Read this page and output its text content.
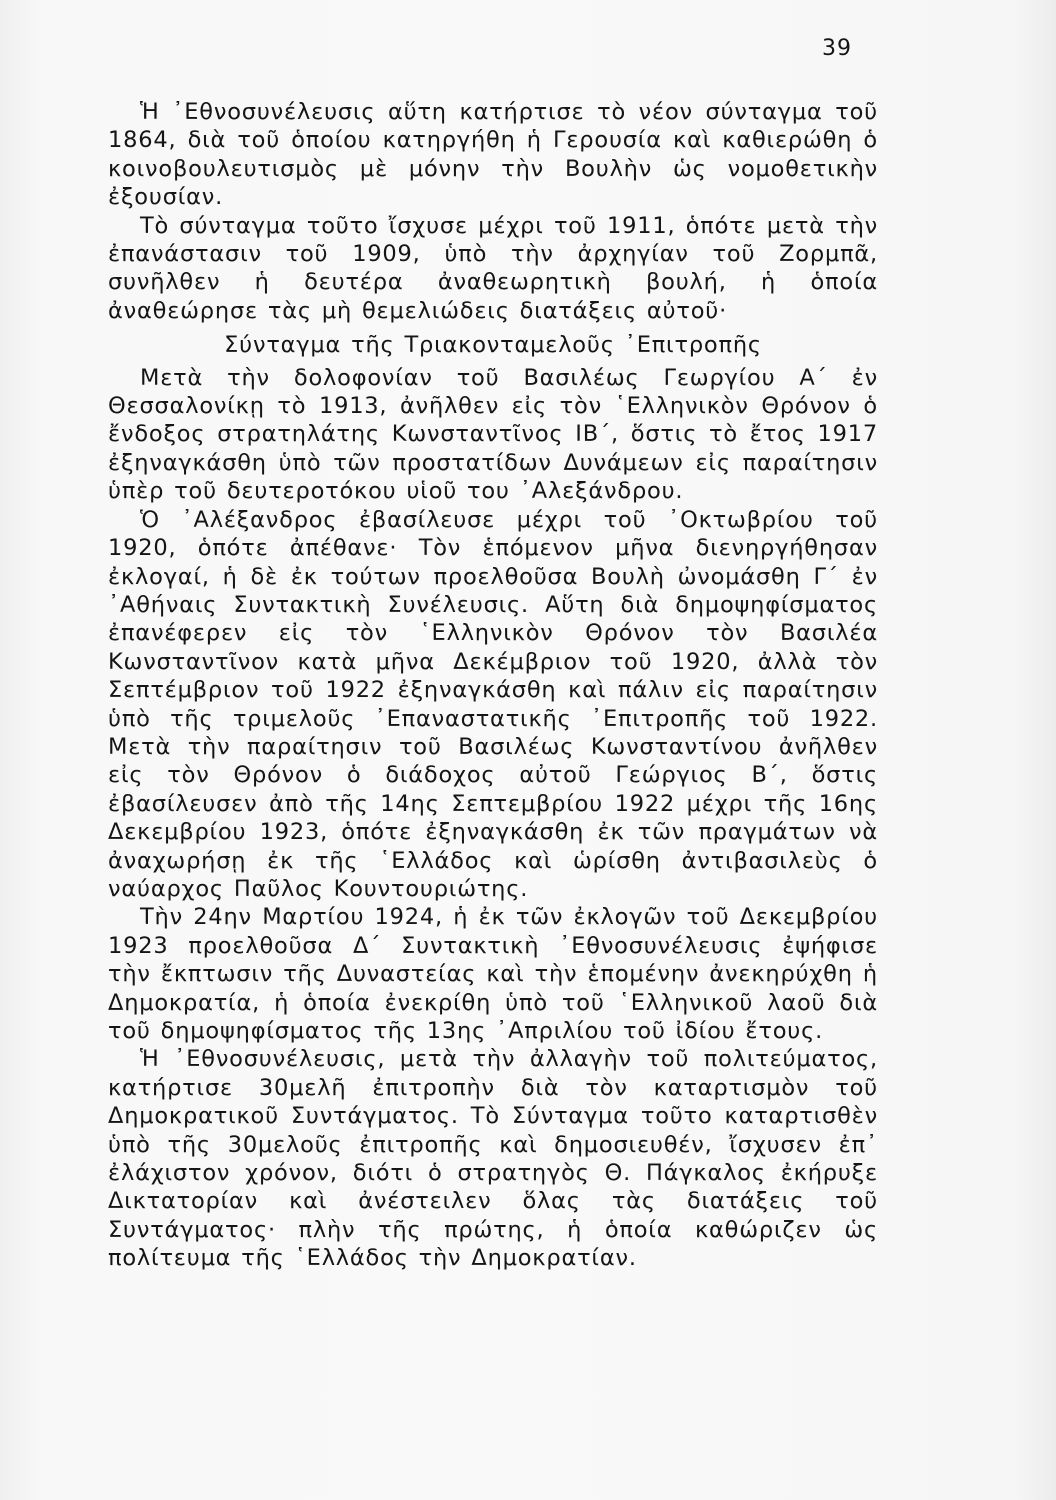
39

Ἡ ᾿Εθνοσυνέλευσις αὕτη κατήρτισε τὸ νέον σύνταγμα τοῦ 1864, διὰ τοῦ ὁποίου κατηργήθη ἡ Γερουσία καὶ καθιερώθη ὁ κοινοβουλευτισμὸς μὲ μόνην τὴν Βουλὴν ὡς νομοθετικὴν ἐξουσίαν.

Τὸ σύνταγμα τοῦτο ἴσχυσε μέχρι τοῦ 1911, ὁπότε μετὰ τὴν ἐπανάστασιν τοῦ 1909, ὑπὸ τὴν ἀρχηγίαν τοῦ Ζορμπᾶ, συνῆλθεν ἡ δευτέρα ἀναθεωρητικὴ βουλή, ἡ ὁποία ἀναθεώρησε τὰς μὴ θεμελιώδεις διατάξεις αὐτοῦ·

Σύνταγμα τῆς Τριακονταμελοῦς ᾿Επιτροπῆς

Μετὰ τὴν δολοφονίαν τοῦ Βασιλέως Γεωργίου Α΄ ἐν Θεσσαλονίκῃ τὸ 1913, ἀνῆλθεν εἰς τὸν ῾Ελληνικὸν Θρόνον ὁ ἔνδοξος στρατηλάτης Κωνσταντῖνος ΙΒ΄, ὅστις τὸ ἔτος 1917 ἐξηναγκάσθη ὑπὸ τῶν προστατίδων Δυνάμεων εἰς παραίτησιν ὑπὲρ τοῦ δευτεροτόκου υἱοῦ του ᾿Αλεξάνδρου.

Ὁ ᾿Αλέξανδρος ἐβασίλευσε μέχρι τοῦ ᾿Οκτωβρίου τοῦ 1920, ὁπότε ἀπέθανε· Τὸν ἑπόμενον μῆνα διενηργήθησαν ἐκλογαί, ἡ δὲ ἐκ τούτων προελθοῦσα Βουλὴ ὠνομάσθη Γ΄ ἐν ᾿Αθήναις Συντακτικὴ Συνέλευσις. Αὕτη διὰ δημοψηφίσματος ἐπανέφερεν εἰς τὸν ῾Ελληνικὸν Θρόνον τὸν Βασιλέα Κωνσταντῖνον κατὰ μῆνα Δεκέμβριον τοῦ 1920, ἀλλὰ τὸν Σεπτέμβριον τοῦ 1922 ἐξηναγκάσθη καὶ πάλιν εἰς παραίτησιν ὑπὸ τῆς τριμελοῦς ᾿Επαναστατικῆς ᾿Επιτροπῆς τοῦ 1922. Μετὰ τὴν παραίτησιν τοῦ Βασιλέως Κωνσταντίνου ἀνῆλθεν εἰς τὸν Θρόνον ὁ διάδοχος αὐτοῦ Γεώργιος Β΄, ὅστις ἐβασίλευσεν ἀπὸ τῆς 14ης Σεπτεμβρίου 1922 μέχρι τῆς 16ης Δεκεμβρίου 1923, ὁπότε ἐξηναγκάσθη ἐκ τῶν πραγμάτων νὰ ἀναχωρήσῃ ἐκ τῆς ῾Ελλάδος καὶ ὡρίσθη ἀντιβασιλεὺς ὁ ναύαρχος Παῦλος Κουντουριώτης.

Τὴν 24ην Μαρτίου 1924, ἡ ἐκ τῶν ἐκλογῶν τοῦ Δεκεμβρίου 1923 προελθοῦσα Δ΄ Συντακτικὴ ᾿Εθνοσυνέλευσις ἐψήφισε τὴν ἔκπτωσιν τῆς Δυναστείας καὶ τὴν ἑπομένην ἀνεκηρύχθη ἡ Δημοκρατία, ἡ ὁποία ἐνεκρίθη ὑπὸ τοῦ ῾Ελληνικοῦ λαοῦ διὰ τοῦ δημοψηφίσματος τῆς 13ης ᾿Απριλίου τοῦ ἰδίου ἔτους.

Ἡ ᾿Εθνοσυνέλευσις, μετὰ τὴν ἀλλαγὴν τοῦ πολιτεύματος, κατήρτισε 30μελῆ ἐπιτροπὴν διὰ τὸν καταρτισμὸν τοῦ Δημοκρατικοῦ Συντάγματος. Τὸ Σύνταγμα τοῦτο καταρτισθὲν ὑπὸ τῆς 30μελοῦς ἐπιτροπῆς καὶ δημοσιευθέν, ἴσχυσεν ἐπ᾿ ἐλάχιστον χρόνον, διότι ὁ στρατηγὸς Θ. Πάγκαλος ἐκήρυξε Δικτατορίαν καὶ ἀνέστειλεν ὅλας τὰς διατάξεις τοῦ Συντάγματος· πλὴν τῆς πρώτης, ἡ ὁποία καθώριζεν ὡς πολίτευμα τῆς ῾Ελλάδος τὴν Δημοκρατίαν.
